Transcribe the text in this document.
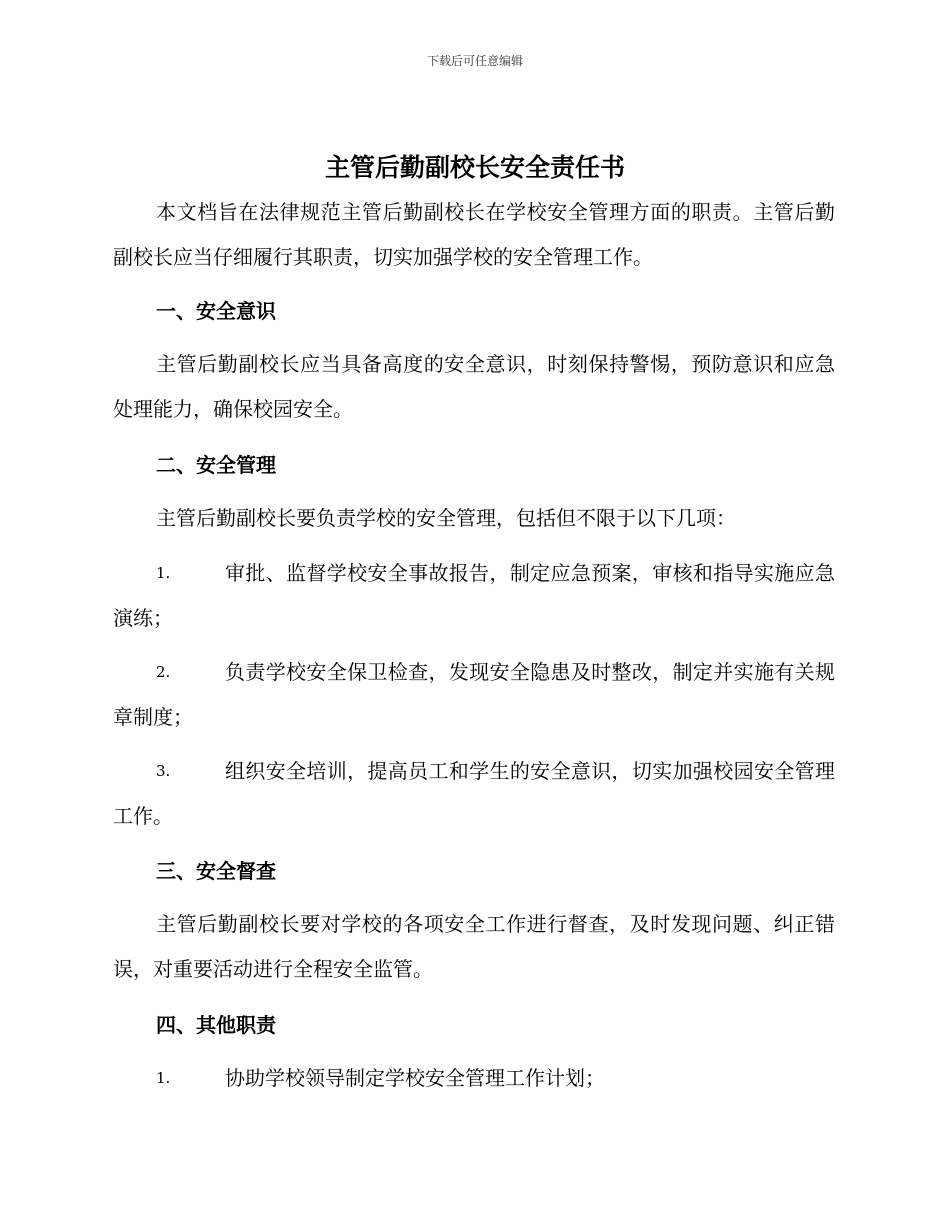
下载后可任意编辑
主管后勤副校长安全责任书

本文档旨在法律规范主管后勤副校长在学校安全管理方面的职责。主管后勤副校长应当仔细履行其职责，切实加强学校的安全管理工作。

一、安全意识

主管后勤副校长应当具备高度的安全意识，时刻保持警惕，预防意识和应急处理能力，确保校园安全。

二、安全管理

主管后勤副校长要负责学校的安全管理，包括但不限于以下几项：

1.	审批、监督学校安全事故报告，制定应急预案，审核和指导实施应急演练；
2.	负责学校安全保卫检查，发现安全隐患及时整改，制定并实施有关规章制度；
3.	组织安全培训，提高员工和学生的安全意识，切实加强校园安全管理工作。
三、安全督查

主管后勤副校长要对学校的各项安全工作进行督查，及时发现问题、纠正错误，对重要活动进行全程安全监管。

四、其他职责
1.	协助学校领导制定学校安全管理工作计划；
